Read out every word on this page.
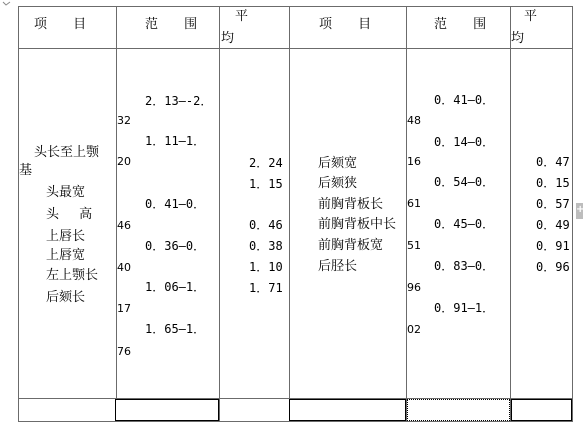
项 目	范 围
平
均
项 目	范 围
平
均
头长至上颚
基
头最宽
头 高
上唇长
上唇宽
左上颚长
后颏长
2．13—-2．
32
1．11—1．
20
0．41—0．
46
0．36—0．
40
1．06—1．
17
1．65—1．
76
2．24
1．15
0．46
0．38
1．10
1．71
后颏宽
后颏狭
前胸背板长
前胸背板中长
前胸背板宽
后胫长
0．41—0．
48
0．14—0．
16
0．54—0．
61
0．45—0．
51
0．83—0．
96
0．91—1．
02
0．47
0．15
0．57
0．49
0．91
0．96
+
